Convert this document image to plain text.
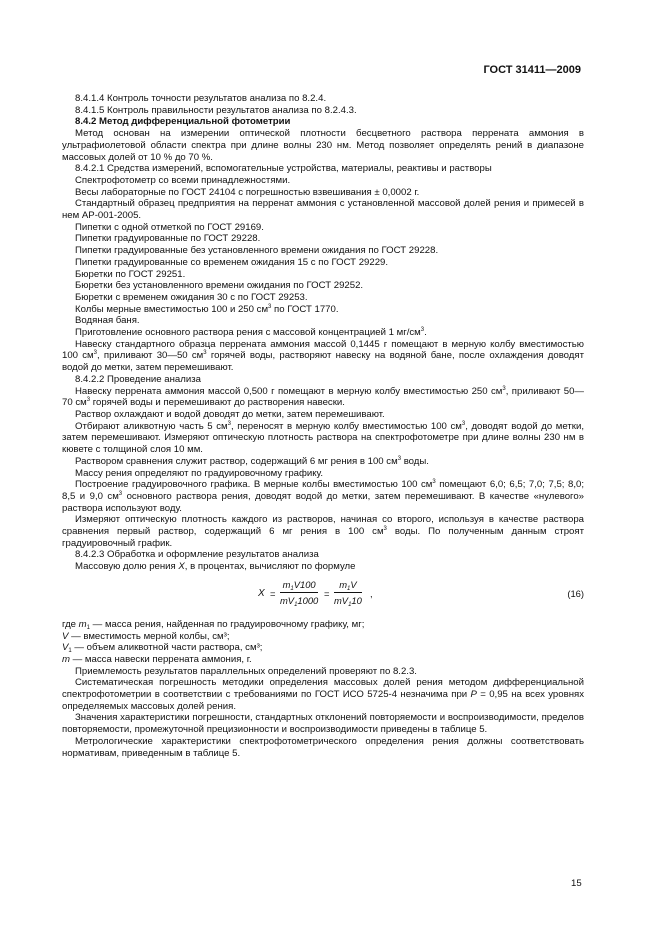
ГОСТ 31411—2009
8.4.1.4 Контроль точности результатов анализа по 8.2.4.
8.4.1.5 Контроль правильности результатов анализа по 8.2.4.3.
8.4.2 Метод дифференциальной фотометрии
Метод основан на измерении оптической плотности бесцветного раствора перрената аммония в ультрафиолетовой области спектра при длине волны 230 нм. Метод позволяет определять рений в диапазоне массовых долей от 10 % до 70 %.
8.4.2.1 Средства измерений, вспомогательные устройства, материалы, реактивы и растворы
Спектрофотометр со всеми принадлежностями.
Весы лабораторные по ГОСТ 24104 с погрешностью взвешивания ± 0,0002 г.
Стандартный образец предприятия на перренат аммония с установленной массовой долей рения и примесей в нем АР-001-2005.
Пипетки с одной отметкой по ГОСТ 29169.
Пипетки градуированные по ГОСТ 29228.
Пипетки градуированные без установленного времени ожидания по ГОСТ 29228.
Пипетки градуированные со временем ожидания 15 с по ГОСТ 29229.
Бюретки по ГОСТ 29251.
Бюретки без установленного времени ожидания по ГОСТ 29252.
Бюретки с временем ожидания 30 с по ГОСТ 29253.
Колбы мерные вместимостью 100 и 250 $см^3$ по ГОСТ 1770.
Водяная баня.
Приготовление основного раствора рения с массовой концентрацией 1 $мг/см^3$.
Навеску стандартного образца перрената аммония массой 0,1445 г помещают в мерную колбу вместимостью 100 $см^3$, приливают 30—50 $см^3$ горячей воды, растворяют навеску на водяной бане, после охлаждения доводят водой до метки, затем перемешивают.
8.4.2.2 Проведение анализа
Навеску перрената аммония массой 0,500 г помещают в мерную колбу вместимостью 250 $см^3$, приливают 50—70 $см^3$ горячей воды и перемешивают до растворения навески.
Раствор охлаждают и водой доводят до метки, затем перемешивают.
Отбирают аликвотную часть 5 $см^3$, переносят в мерную колбу вместимостью 100 $см^3$, доводят водой до метки, затем перемешивают. Измеряют оптическую плотность раствора на спектрофотометре при длине волны 230 нм в кювете с толщиной слоя 10 мм.
Раствором сравнения служит раствор, содержащий 6 мг рения в 100 $см^3$ воды.
Массу рения определяют по градуировочному графику.
Построение градуировочного графика. В мерные колбы вместимостью 100 $см^3$ помещают 6,0; 6,5; 7,0; 7,5; 8,0; 8,5 и 9,0 $см^3$ основного раствора рения, доводят водой до метки, затем перемешивают. В качестве «нулевого» раствора используют воду.
Измеряют оптическую плотность каждого из растворов, начиная со второго, используя в качестве раствора сравнения первый раствор, содержащий 6 мг рения в 100 $см^3$ воды. По полученным данным строят градуировочный график.
8.4.2.3 Обработка и оформление результатов анализа
Массовую долю рения X, в процентах, вычисляют по формуле
$X = \frac{m_1V100}{mV_11000} = \frac{m_1V}{mV_110}$ ,	(16)
где $m_1$ — масса рения, найденная по градуировочному графику, мг;
V — вместимость мерной колбы, см³;
$V_1$ — объем аликвотной части раствора, см³;
m — масса навески перрената аммония, г.
Приемлемость результатов параллельных определений проверяют по 8.2.3.
Систематическая погрешность методики определения массовых долей рения методом дифференциальной спектрофотометрии в соответствии с требованиями по ГОСТ ИСО 5725-4 незначима при P = 0,95 на всех уровнях определяемых массовых долей рения.
Значения характеристики погрешности, стандартных отклонений повторяемости и воспроизводимости, пределов повторяемости, промежуточной прецизионности и воспроизводимости приведены в таблице 5.
Метрологические характеристики спектрофотометрического определения рения должны соответствовать нормативам, приведенным в таблице 5.
15
